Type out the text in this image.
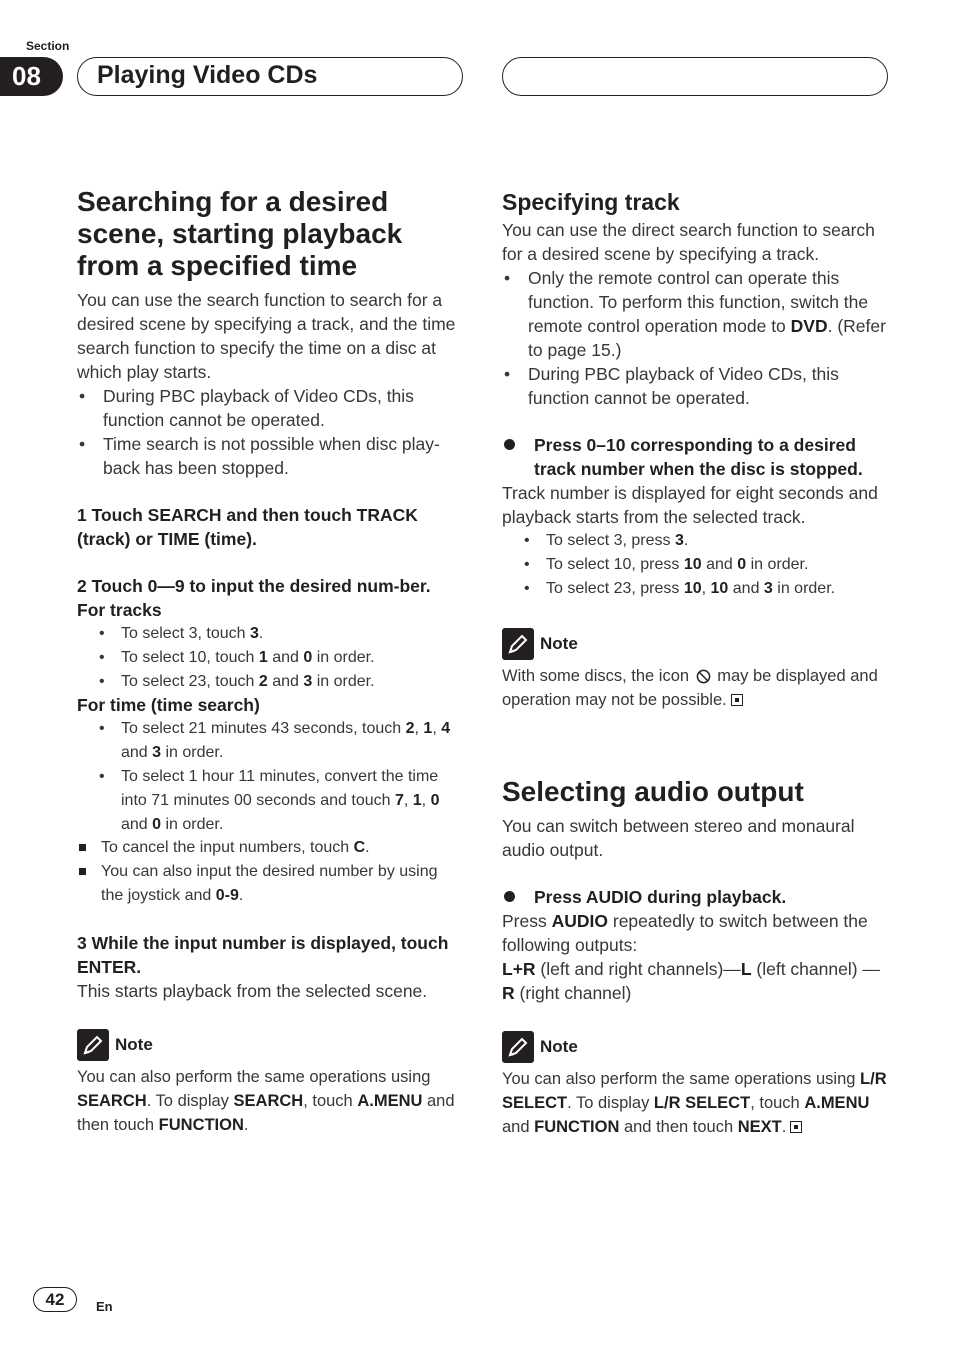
Section
08	Playing Video CDs
Searching for a desired scene, starting playback from a specified time

You can use the search function to search for a desired scene by specifying a track, and the time search function to specify the time on a disc at which play starts.

• During PBC playback of Video CDs, this function cannot be operated.
• Time search is not possible when disc play-back has been stopped.

1 Touch SEARCH and then touch TRACK (track) or TIME (time).

2 Touch 0—9 to input the desired num-ber.

For tracks

• To select 3, touch 3.
• To select 10, touch 1 and 0 in order.
• To select 23, touch 2 and 3 in order.

For time (time search)

• To select 21 minutes 43 seconds, touch 2, 1, 4 and 3 in order.
• To select 1 hour 11 minutes, convert the time into 71 minutes 00 seconds and touch 7, 1, 0 and 0 in order.

To cancel the input numbers, touch C.

You can also input the desired number by using the joystick and 0-9.

3 While the input number is displayed, touch ENTER.

This starts playback from the selected scene.

Note

You can also perform the same operations using SEARCH. To display SEARCH, touch A.MENU and then touch FUNCTION.

Specifying track

You can use the direct search function to search for a desired scene by specifying a track.

• Only the remote control can operate this function. To perform this function, switch the remote control operation mode to DVD. (Refer to page 15.)
• During PBC playback of Video CDs, this function cannot be operated.

Press 0–10 corresponding to a desired track number when the disc is stopped.

Track number is displayed for eight seconds and playback starts from the selected track.

• To select 3, press 3.
• To select 10, press 10 and 0 in order.
• To select 23, press 10, 10 and 3 in order.
Note

With some discs, the icon  may be displayed and operation may not be possible.

Selecting audio output

You can switch between stereo and monaural audio output.

Press AUDIO during playback.

Press AUDIO repeatedly to switch between the following outputs:

L+R (left and right channels)—L (left channel) —R (right channel)

Note

You can also perform the same operations using L/R SELECT. To display L/R SELECT, touch A.MENU and FUNCTION and then touch NEXT.

42	En
